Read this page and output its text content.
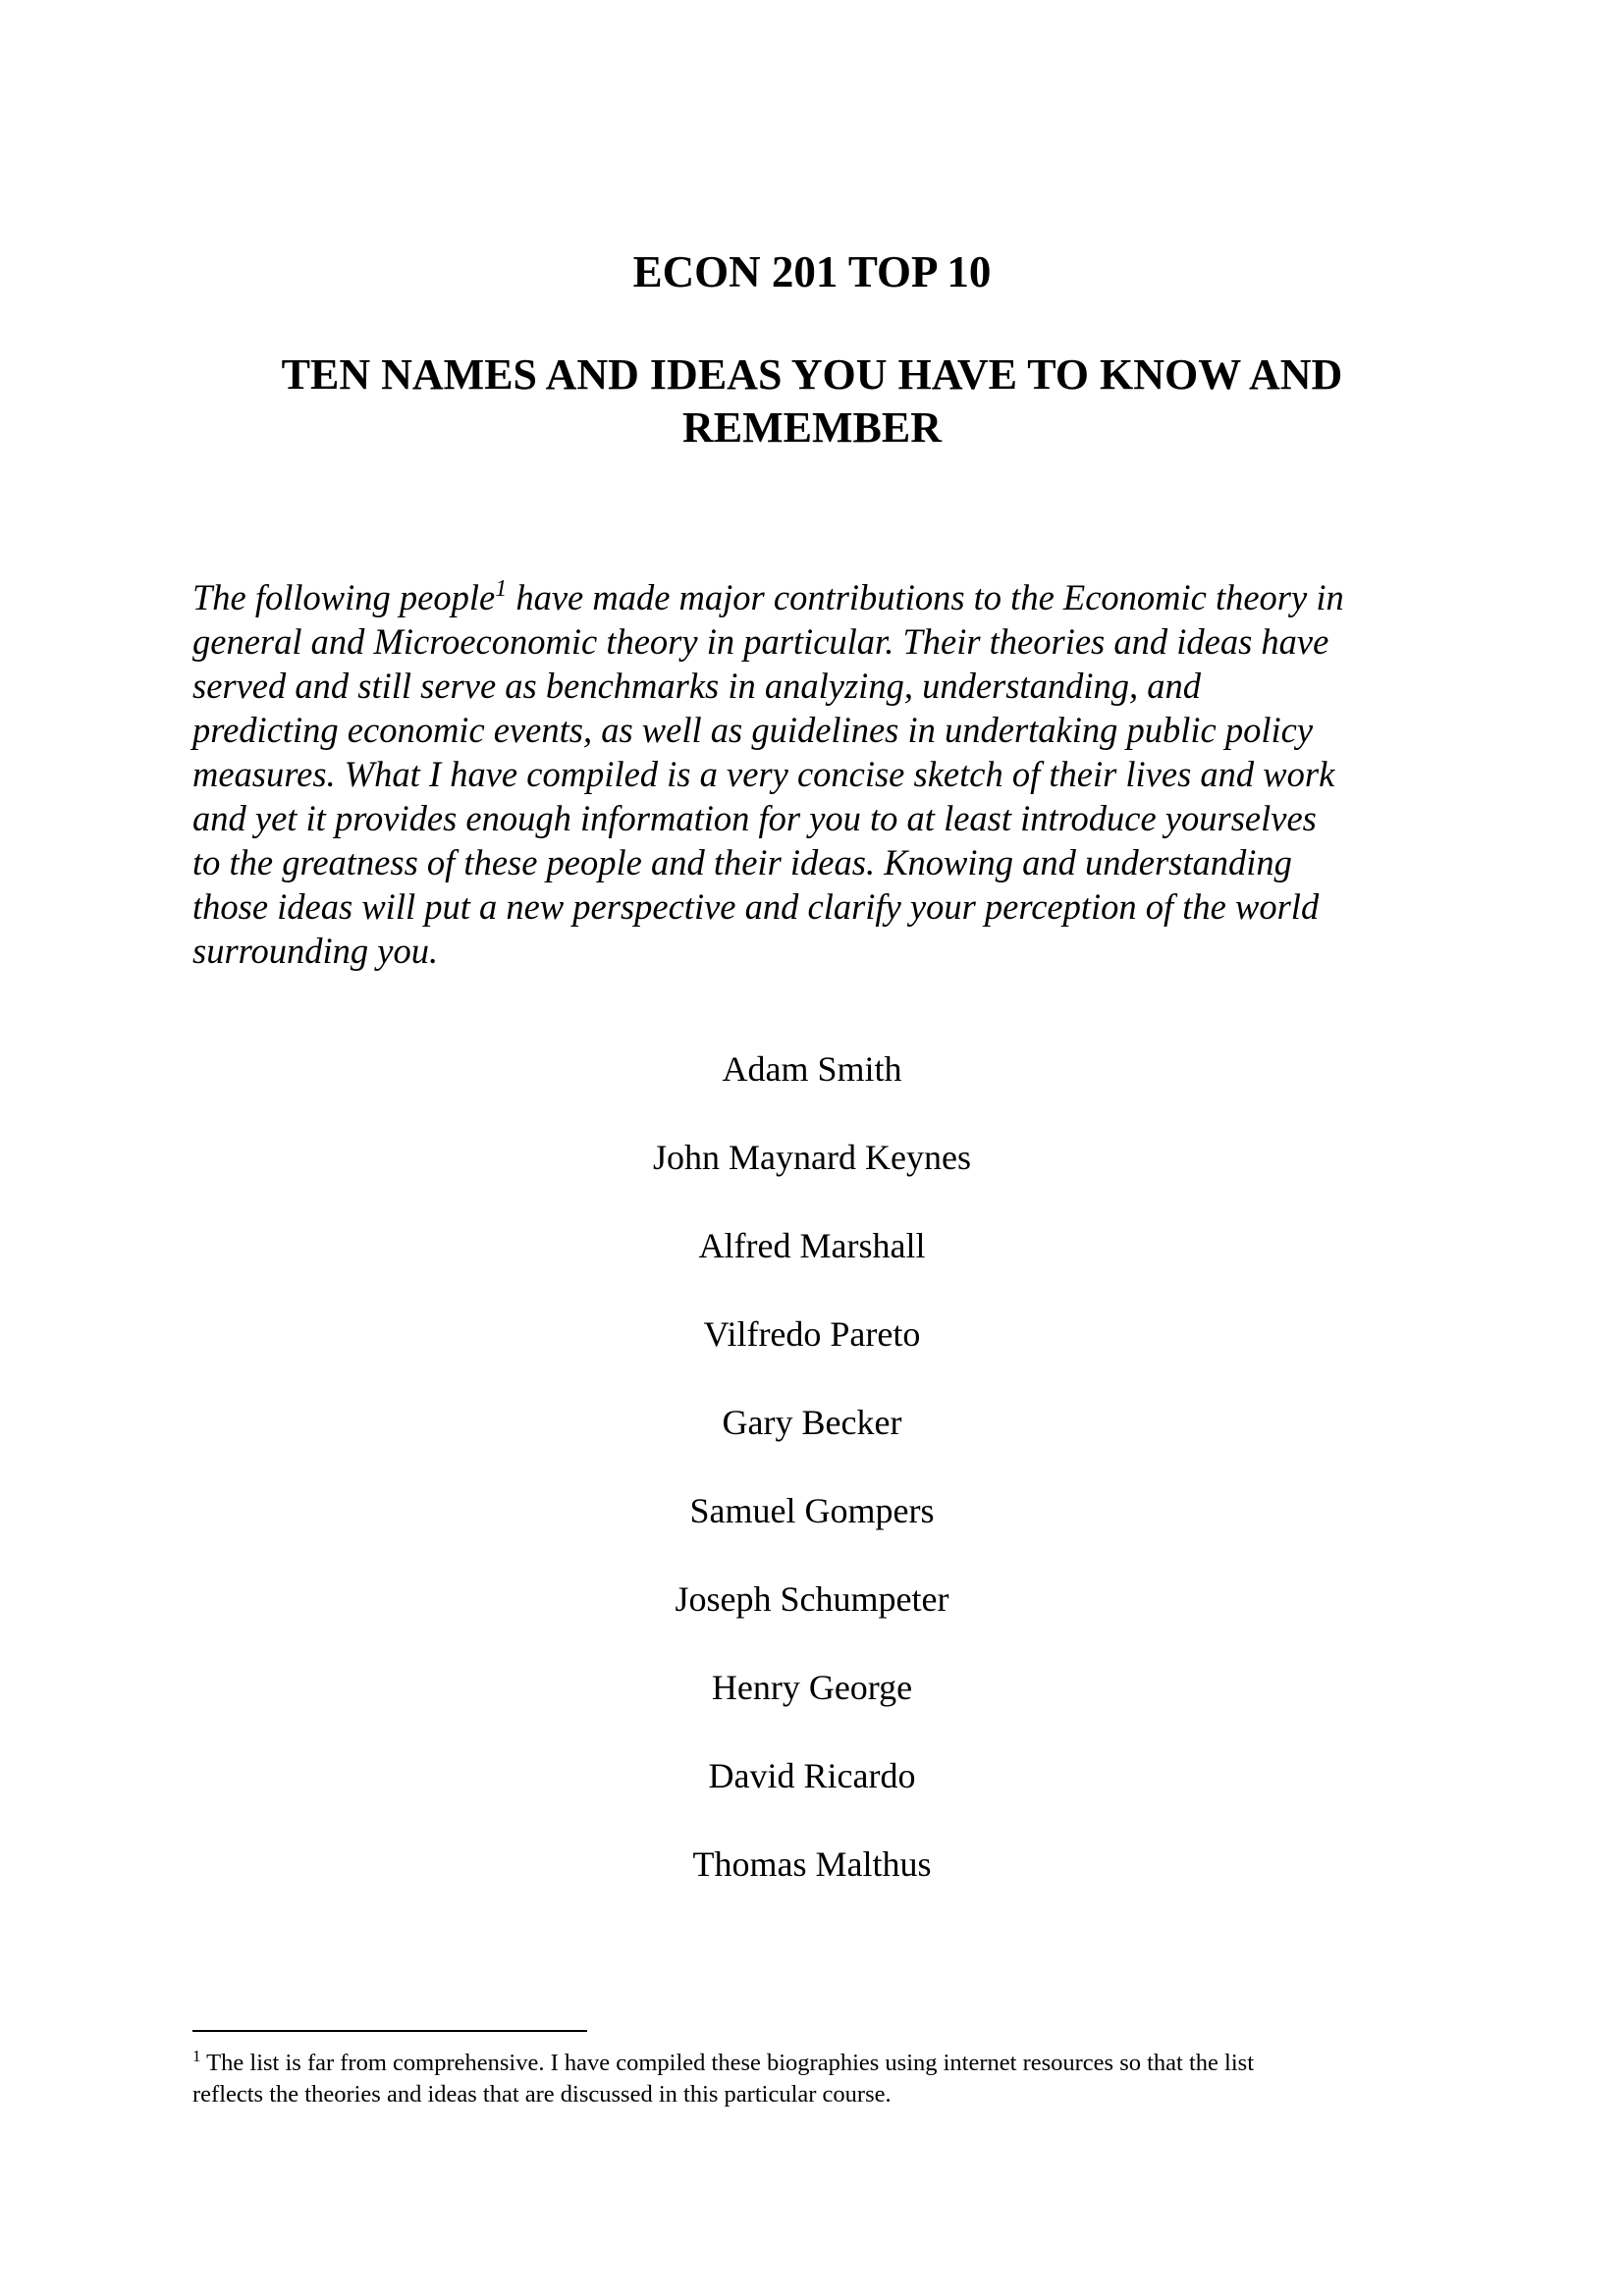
ECON 201 TOP 10
TEN NAMES AND IDEAS YOU HAVE TO KNOW AND REMEMBER
The following people$^1$ have made major contributions to the Economic theory in
general and Microeconomic theory in particular. Their theories and ideas have
served and still serve as benchmarks in analyzing, understanding, and
predicting economic events, as well as guidelines in undertaking public policy
measures. What I have compiled is a very concise sketch of their lives and work
and yet it provides enough information for you to at least introduce yourselves
to the greatness of these people and their ideas. Knowing and understanding
those ideas will put a new perspective and clarify your perception of the world
surrounding you.
Adam Smith
John Maynard Keynes
Alfred Marshall
Vilfredo Pareto
Gary Becker
Samuel Gompers
Joseph Schumpeter
Henry George
David Ricardo
Thomas Malthus
$^1$ The list is far from comprehensive. I have compiled these biographies using internet resources so that the list
reflects the theories and ideas that are discussed in this particular course.
